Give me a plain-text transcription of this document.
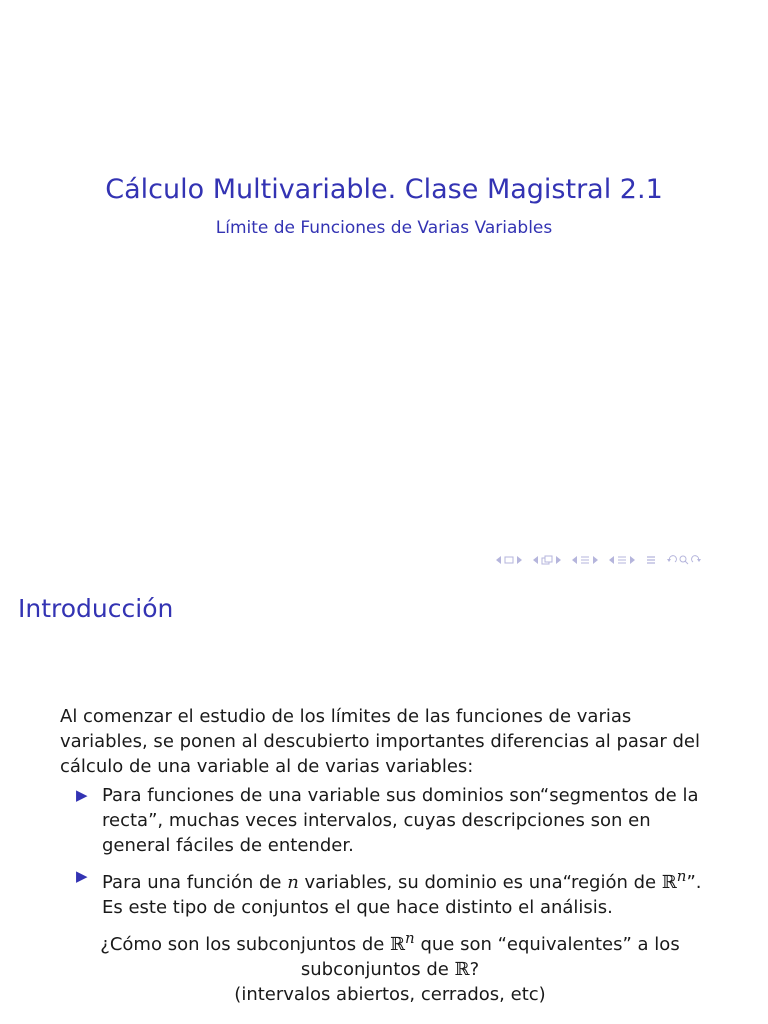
Cálculo Multivariable. Clase Magistral 2.1
Límite de Funciones de Varias Variables
Introducción

Al comenzar el estudio de los límites de las funciones de varias variables, se ponen al descubierto importantes diferencias al pasar del cálculo de una variable al de varias variables:

▶ Para funciones de una variable sus dominios son“segmentos de la recta”, muchas veces intervalos, cuyas descripciones son en general fáciles de entender.
▶ Para una función de n variables, su dominio es una“región de ℝ$^n$”. Es este tipo de conjuntos el que hace distinto el análisis.

¿Cómo son los subconjuntos de ℝ$^n$ que son “equivalentes” a los subconjuntos de ℝ?
(intervalos abiertos, cerrados, etc)
